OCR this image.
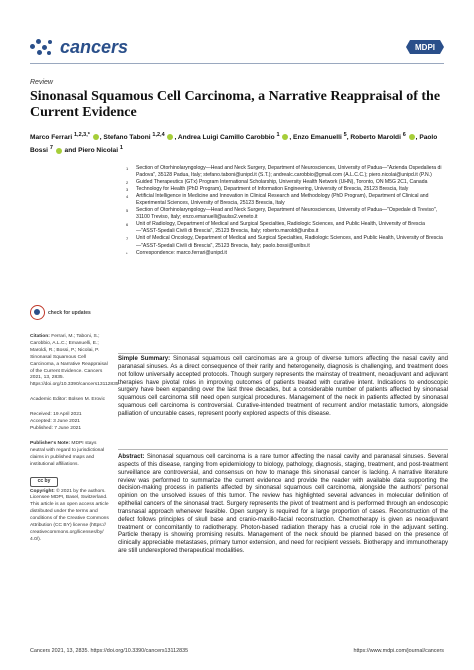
cancers	MDPI
Review
Sinonasal Squamous Cell Carcinoma, a Narrative Reappraisal of the Current Evidence
Marco Ferrari $^{1,2,3,*}$ , Stefano Taboni $^{1,2,4}$ , Andrea Luigi Camillo Carobbio $^1$ , Enzo Emanuelli $^5$, Roberto Maroldi $^6$ , Paolo Bossi $^7$  and Piero Nicolai $^1$
1	Section of Otorhinolaryngology—Head and Neck Surgery, Department of Neurosciences, University of Padua—"Azienda Ospedaliera di Padova", 35128 Padua, Italy; stefano.taboni@unipd.it (S.T.); andrealc.carobbio@gmail.com (A.L.C.C.); piero.nicolai@unipd.it (P.N.)
2	Guided Therapeutics (GTx) Program International Scholarship, University Health Network (UHN), Toronto, ON M5G 2C1, Canada
3	Technology for Health (PhD Program), Department of Information Engineering, University of Brescia, 25123 Brescia, Italy
4	Artificial Intelligence in Medicine and Innovation in Clinical Research and Methodology (PhD Program), Department of Clinical and Experimental Sciences, University of Brescia, 25123 Brescia, Italy
5	Section of Otorhinolaryngology—Head and Neck Surgery, Department of Neurosciences, University of Padua—"Ospedale di Treviso", 31100 Treviso, Italy; enzo.emanuelli@aulss2.veneto.it
6	Unit of Radiology, Department of Medical and Surgical Specialties, Radiologic Sciences, and Public Health, University of Brescia—"ASST-Spedali Civili di Brescia", 25123 Brescia, Italy; roberto.maroldi@unibs.it
7	Unit of Medical Oncology, Department of Medical and Surgical Specialties, Radiologic Sciences, and Public Health, University of Brescia—"ASST-Spedali Civili di Brescia", 25123 Brescia, Italy; paolo.bossi@unibs.it
*	Correspondence: marco.ferrari@unipd.it
check for updates
Citation: Ferrari, M.; Taboni, S.; Carobbio, A.L.C.; Emanuelli, E.; Maroldi, R.; Bossi, P.; Nicolai, P. Sinonasal Squamous Cell Carcinoma, a Narrative Reappraisal of the Current Evidence. Cancers 2021, 13, 2835. https://doi.org/10.3390/cancers13112835
Academic Editor: Bolsen M. Erovic
Received: 19 April 2021
Accepted: 3 June 2021
Published: 7 June 2021
Publisher's Note: MDPI stays neutral with regard to jurisdictional claims in published maps and institutional affiliations.
cc by
Copyright: © 2021 by the authors. Licensee MDPI, Basel, Switzerland. This article is an open access article distributed under the terms and conditions of the Creative Commons Attribution (CC BY) license (https:// creativecommons.org/licenses/by/ 4.0/).
Simple Summary: Sinonasal squamous cell carcinomas are a group of diverse tumors affecting the nasal cavity and paranasal sinuses. As a direct consequence of their rarity and heterogeneity, diagnosis is challenging, and treatment does not follow universally accepted protocols. Though surgery represents the mainstay of treatment, neoadjuvant and adjuvant therapies have pivotal roles in improving outcomes of patients treated with curative intent. Indications to endoscopic surgery have been expanding over the last three decades, but a considerable number of patients affected by sinonasal squamous cell carcinoma still need open surgical procedures. Management of the neck in patients affected by sinonasal squamous cell carcinoma is controversial. Curative-intended treatment of recurrent and/or metastatic tumors, alongside palliation of uncurable cases, represent poorly explored aspects of this disease.
Abstract: Sinonasal squamous cell carcinoma is a rare tumor affecting the nasal cavity and paranasal sinuses. Several aspects of this disease, ranging from epidemiology to biology, pathology, diagnosis, staging, treatment, and post-treatment surveillance are controversial, and consensus on how to manage this sinonasal cancer is lacking. A narrative literature review was performed to summarize the current evidence and provide the reader with available data supporting the decision-making process in patients affected by sinonasal squamous cell carcinoma, alongside the authors' personal opinion on the unsolved issues of this tumor. The review has highlighted several advances in molecular definition of epithelial cancers of the sinonasal tract. Surgery represents the pivot of treatment and is performed through an endoscopic transnasal approach whenever feasible. Open surgery is required for a large proportion of cases. Reconstruction of the defect follows principles of skull base and cranio-maxillo-facial reconstruction. Chemotherapy is given as neoadjuvant treatment or concomitantly to radiotherapy. Photon-based radiation therapy has a crucial role in the adjuvant setting. Particle therapy is showing promising results. Management of the neck should be planned based on the presence of clinically appreciable metastases, primary tumor extension, and need for recipient vessels. Biotherapy and immunotherapy are still underexplored therapeutical modalities.
Cancers 2021, 13, 2835. https://doi.org/10.3390/cancers13112835	https://www.mdpi.com/journal/cancers
